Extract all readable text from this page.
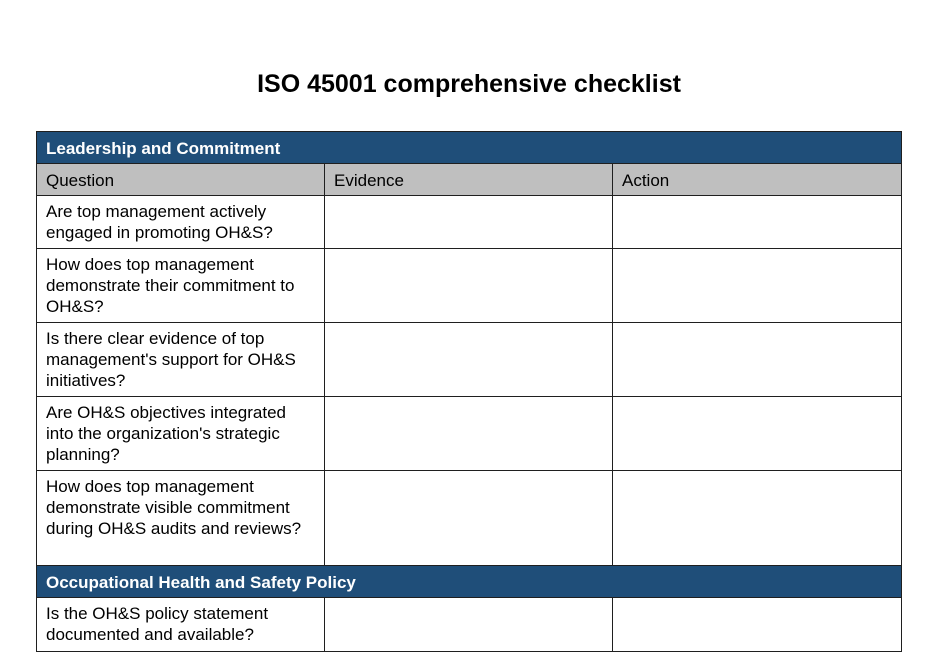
ISO 45001 comprehensive checklist
Leadership and Commitment		
Question	Evidence	Action
Are top management actively engaged in promoting OH&S?		
How does top management demonstrate their commitment to OH&S?		
Is there clear evidence of top management's support for OH&S initiatives?		
Are OH&S objectives integrated into the organization's strategic planning?		
How does top management demonstrate visible commitment during OH&S audits and reviews?		
Occupational Health and Safety Policy		
Is the OH&S policy statement documented and available?		
